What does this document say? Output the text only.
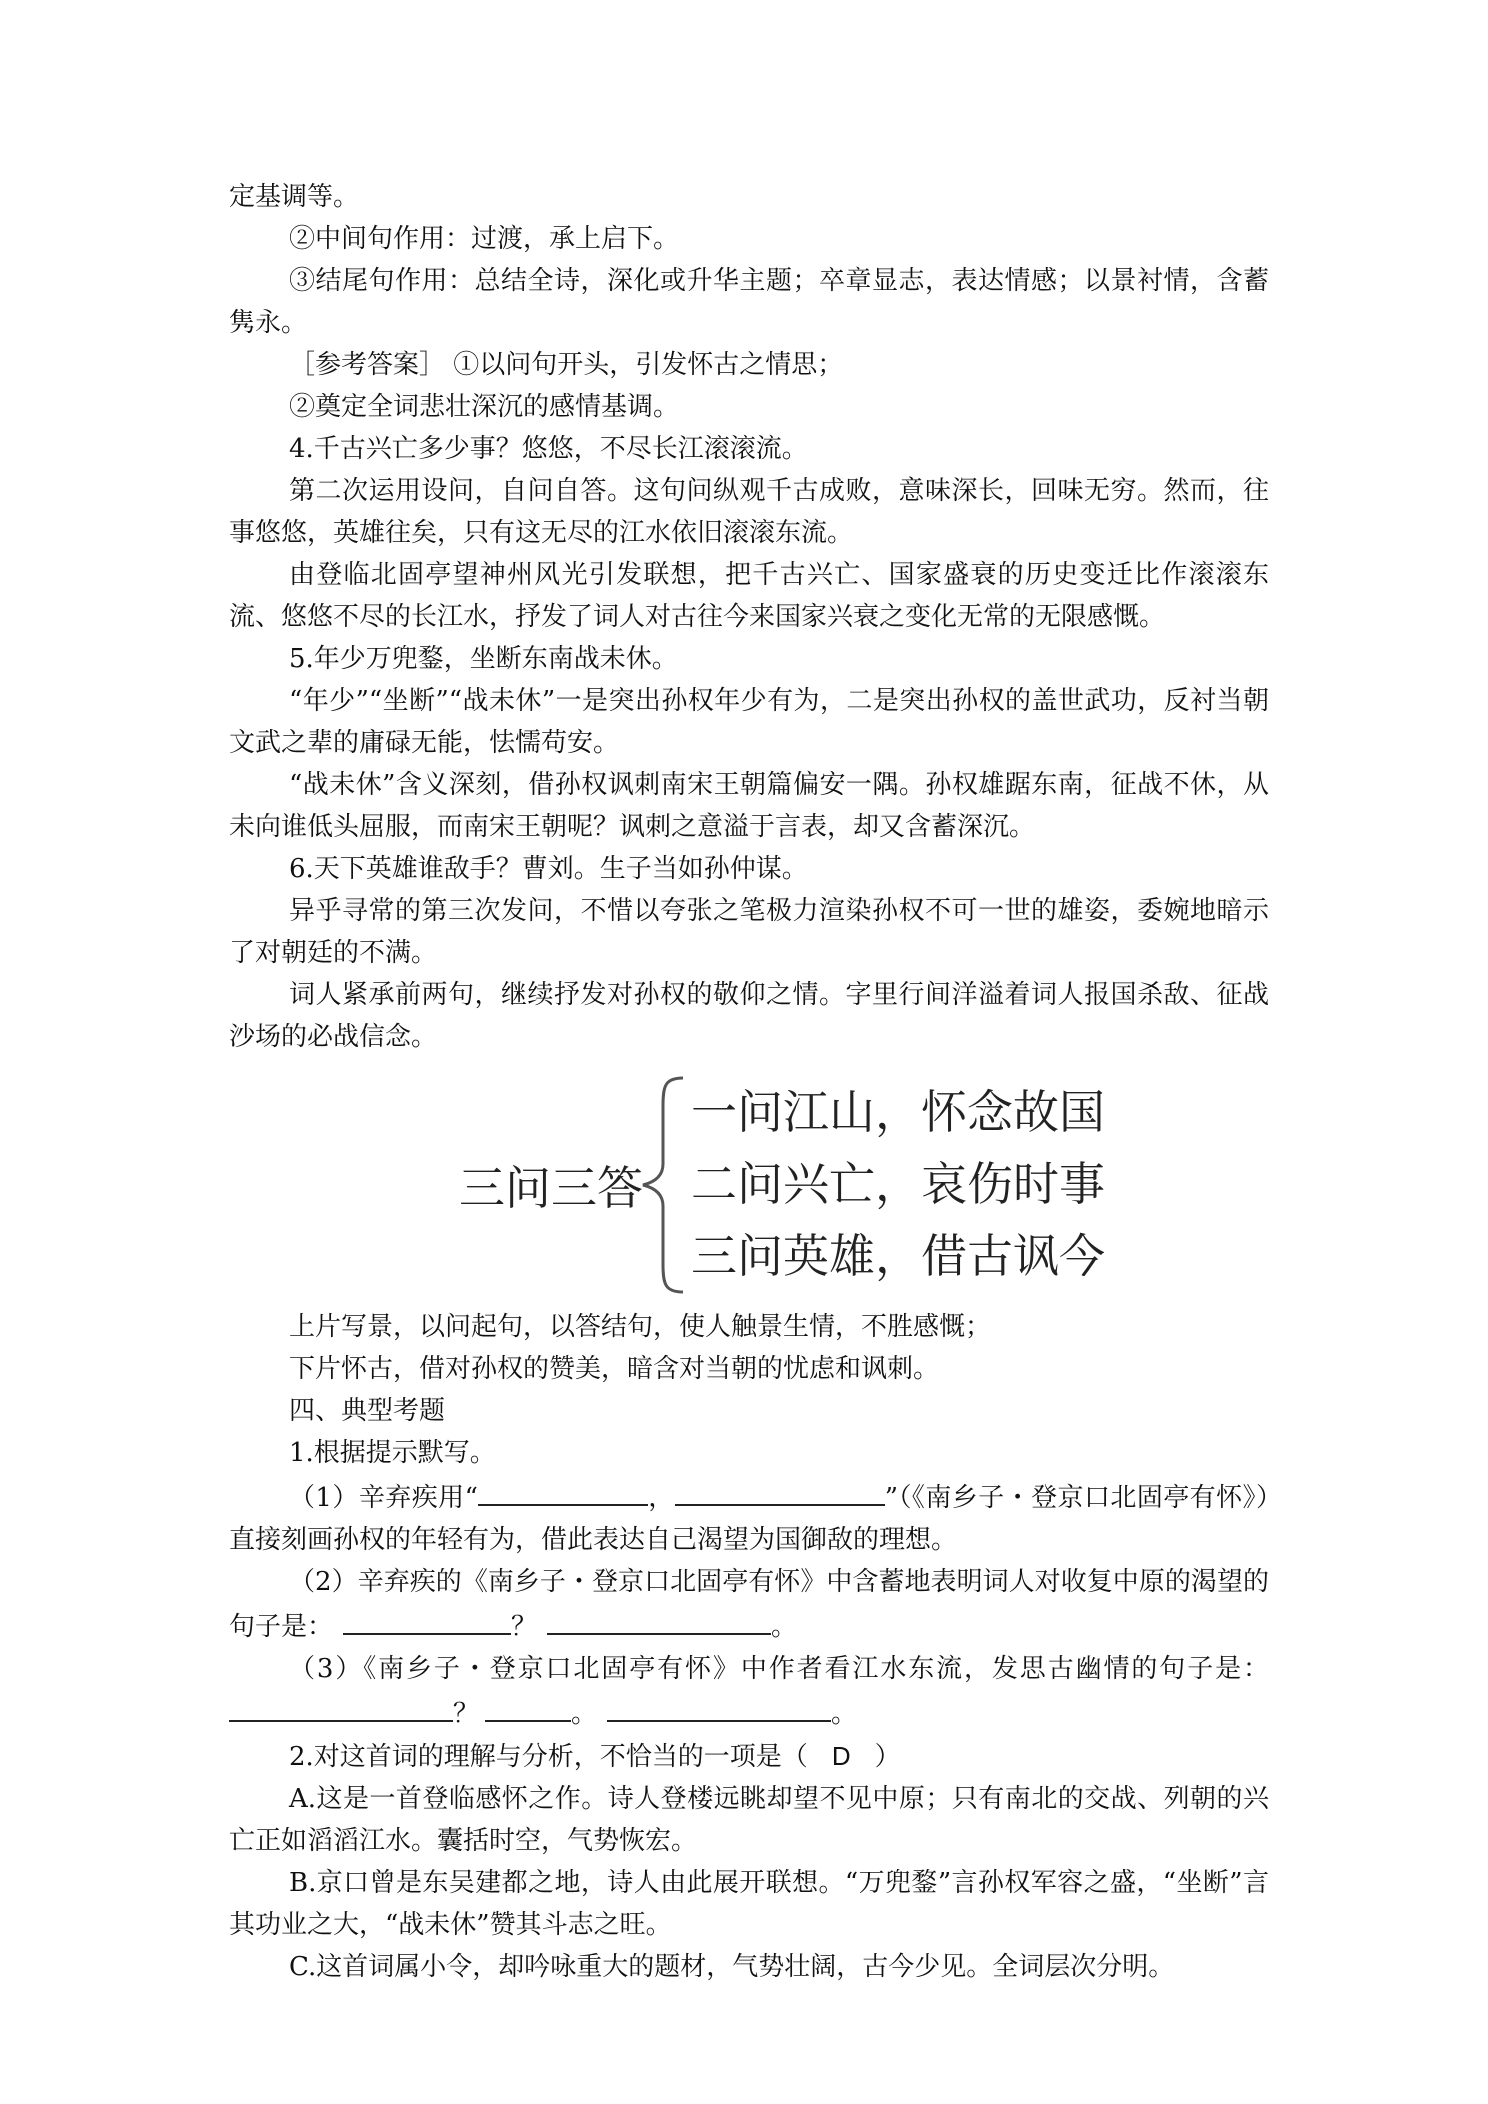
定基调等。

②中间句作用：过渡，承上启下。

③结尾句作用：总结全诗，深化或升华主题；卒章显志，表达情感；以景衬情，含蓄隽永。

［参考答案］ ①以问句开头，引发怀古之情思；

②奠定全词悲壮深沉的感情基调。

4.千古兴亡多少事？悠悠，不尽长江滚滚流。

第二次运用设问，自问自答。这句问纵观千古成败，意味深长，回味无穷。然而，往事悠悠，英雄往矣，只有这无尽的江水依旧滚滚东流。

由登临北固亭望神州风光引发联想，把千古兴亡、国家盛衰的历史变迁比作滚滚东流、悠悠不尽的长江水，抒发了词人对古往今来国家兴衰之变化无常的无限感慨。

5.年少万兜鍪，坐断东南战未休。

“年少”“坐断”“战未休”一是突出孙权年少有为，二是突出孙权的盖世武功，反衬当朝文武之辈的庸碌无能，怯懦苟安。

“战未休”含义深刻，借孙权讽刺南宋王朝篇偏安一隅。孙权雄踞东南，征战不休，从未向谁低头屈服，而南宋王朝呢？讽刺之意溢于言表，却又含蓄深沉。

6.天下英雄谁敌手？曹刘。生子当如孙仲谋。

异乎寻常的第三次发问，不惜以夸张之笔极力渲染孙权不可一世的雄姿，委婉地暗示了对朝廷的不满。

词人紧承前两句，继续抒发对孙权的敬仰之情。字里行间洋溢着词人报国杀敌、征战沙场的必战信念。

三问三答
一问江山，怀念故国
二问兴亡，哀伤时事
三问英雄，借古讽今

上片写景，以问起句，以答结句，使人触景生情，不胜感慨；

下片怀古，借对孙权的赞美，暗含对当朝的忧虑和讽刺。

四、典型考题

1.根据提示默写。

（1）辛弃疾用“	，	”（《南乡子・登京口北固亭有怀》）直接刻画孙权的年轻有为，借此表达自己渴望为国御敌的理想。

（2）辛弃疾的《南乡子・登京口北固亭有怀》中含蓄地表明词人对收复中原的渴望的句子是：	？	。

（3）《南乡子・登京口北固亭有怀》中作者看江水东流，发思古幽情的句子是：？	。	。

2.对这首词的理解与分析，不恰当的一项是（ D ）

A.这是一首登临感怀之作。诗人登楼远眺却望不见中原；只有南北的交战、列朝的兴亡正如滔滔江水。囊括时空，气势恢宏。

B.京口曾是东吴建都之地，诗人由此展开联想。“万兜鍪”言孙权军容之盛，“坐断”言其功业之大，“战未休”赞其斗志之旺。

C.这首词属小令，却吟咏重大的题材，气势壮阔，古今少见。全词层次分明。
